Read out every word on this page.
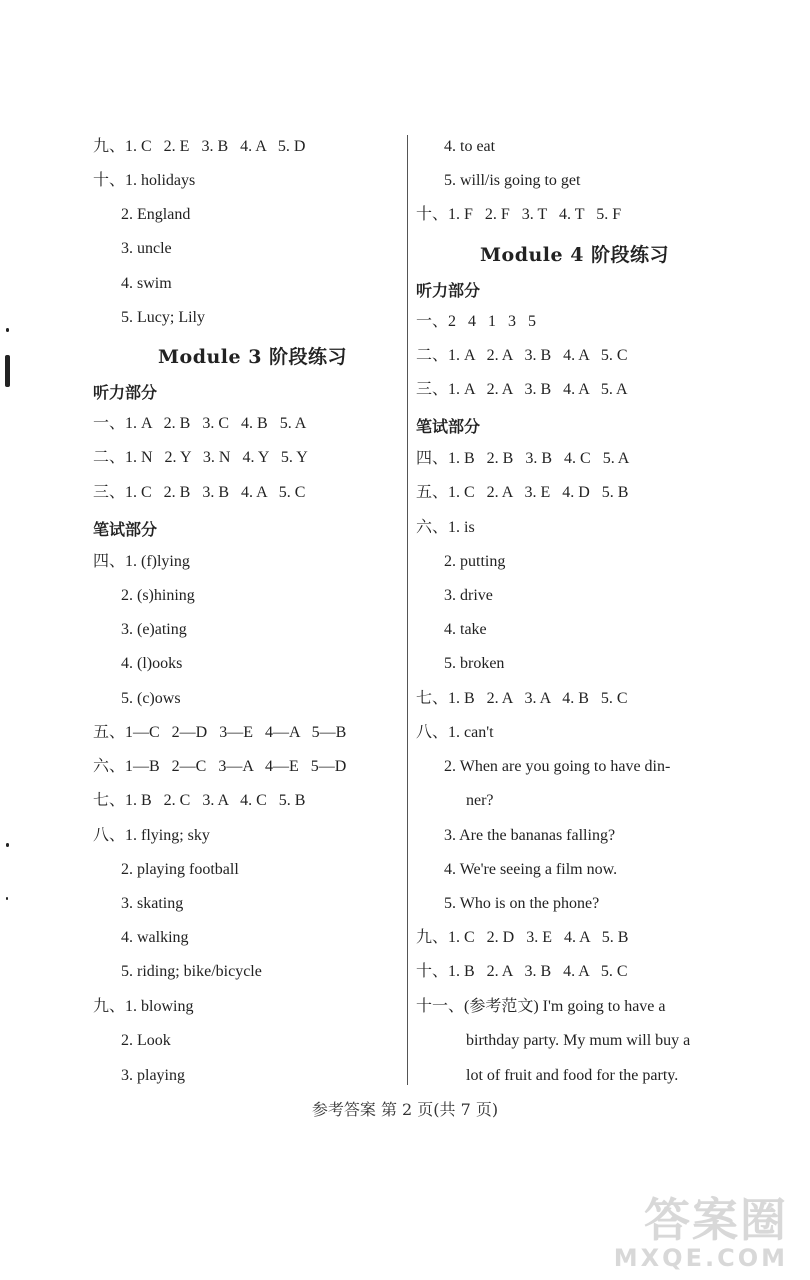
九、1. C   2. E   3. B   4. A   5. D
十、1. holidays
2. England
3. uncle
4. swim
5. Lucy; Lily
Module 3 阶段练习
听力部分
一、1. A   2. B   3. C   4. B   5. A
二、1. N   2. Y   3. N   4. Y   5. Y
三、1. C   2. B   3. B   4. A   5. C
笔试部分
四、1. (f)lying
2. (s)hining
3. (e)ating
4. (l)ooks
5. (c)ows
五、1—C   2—D   3—E   4—A   5—B
六、1—B   2—C   3—A   4—E   5—D
七、1. B   2. C   3. A   4. C   5. B
八、1. flying; sky
2. playing football
3. skating
4. walking
5. riding; bike/bicycle
九、1. blowing
2. Look
3. playing
4. to eat
5. will/is going to get
十、1. F   2. F   3. T   4. T   5. F
Module 4 阶段练习
听力部分
一、2   4   1   3   5
二、1. A   2. A   3. B   4. A   5. C
三、1. A   2. A   3. B   4. A   5. A
笔试部分
四、1. B   2. B   3. B   4. C   5. A
五、1. C   2. A   3. E   4. D   5. B
六、1. is
2. putting
3. drive
4. take
5. broken
七、1. B   2. A   3. A   4. B   5. C
八、1. can't
2. When are you going to have din-
ner?
3. Are the bananas falling?
4. We're seeing a film now.
5. Who is on the phone?
九、1. C   2. D   3. E   4. A   5. B
十、1. B   2. A   3. B   4. A   5. C
十一、(参考范文) I'm going to have a
birthday party. My mum will buy a
lot of fruit and food for the party.
参考答案 第 2 页(共 7 页)
答案圈
MXQE.COM
